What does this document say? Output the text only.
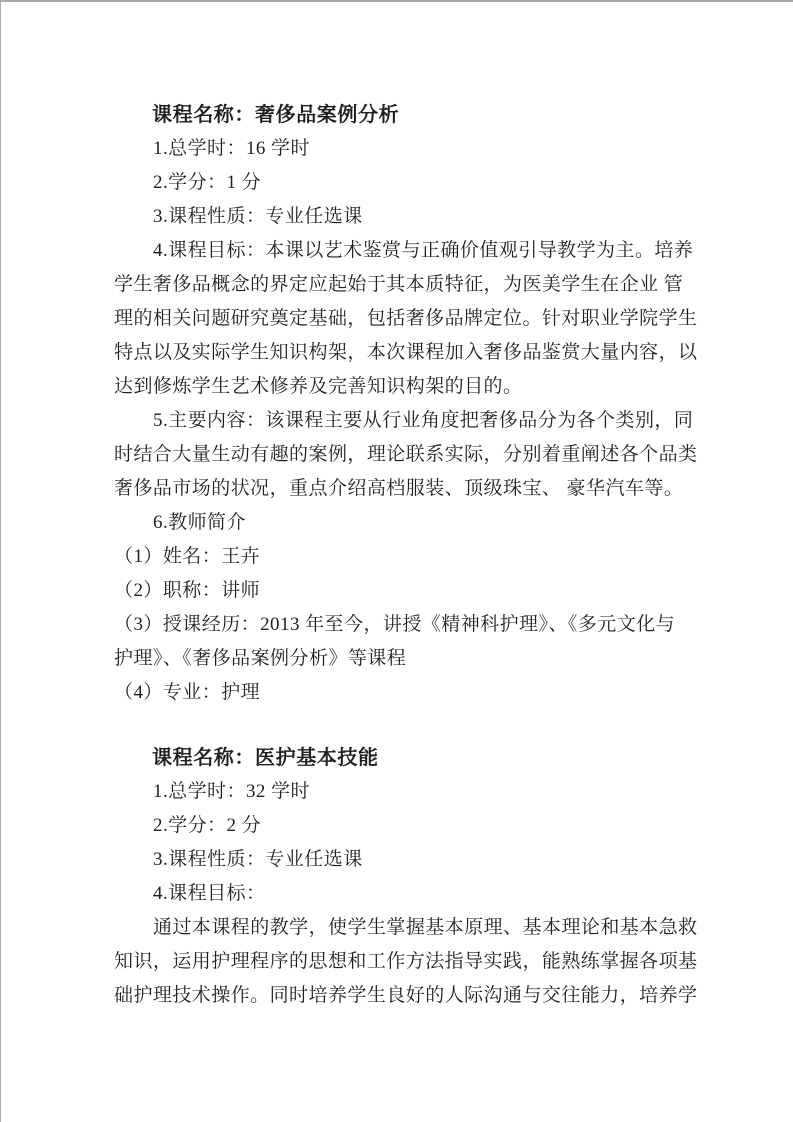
课程名称：奢侈品案例分析
1.总学时：16 学时
2.学分：1 分
3.课程性质：专业任选课
4.课程目标：本课以艺术鉴赏与正确价值观引导教学为主。培养
学生奢侈品概念的界定应起始于其本质特征，为医美学生在企业 管
理的相关问题研究奠定基础，包括奢侈品牌定位。针对职业学院学生
特点以及实际学生知识构架，本次课程加入奢侈品鉴赏大量内容，以
达到修炼学生艺术修养及完善知识构架的目的。
5.主要内容：该课程主要从行业角度把奢侈品分为各个类别，同
时结合大量生动有趣的案例，理论联系实际，分别着重阐述各个品类
奢侈品市场的状况，重点介绍高档服装、顶级珠宝、 豪华汽车等。
6.教师简介
（1）姓名：王卉
（2）职称：讲师
（3）授课经历：2013 年至今，讲授《精神科护理》、《多元文化与
护理》、《奢侈品案例分析》等课程
（4）专业：护理
课程名称：医护基本技能
1.总学时：32 学时
2.学分：2 分
3.课程性质：专业任选课
4.课程目标：
通过本课程的教学，使学生掌握基本原理、基本理论和基本急救
知识，运用护理程序的思想和工作方法指导实践，能熟练掌握各项基
础护理技术操作。同时培养学生良好的人际沟通与交往能力，培养学
